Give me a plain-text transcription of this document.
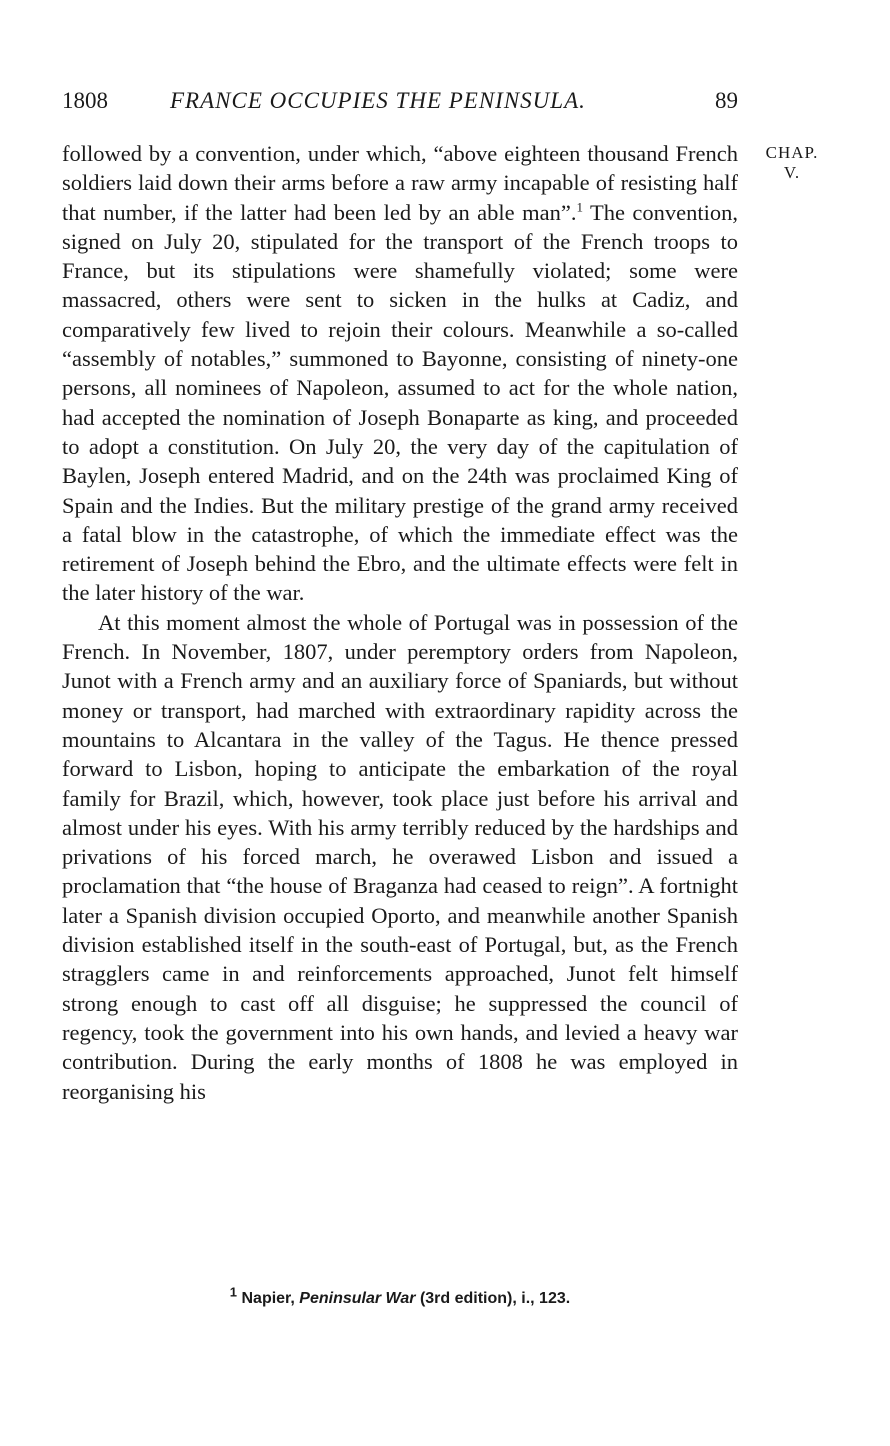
1808	FRANCE OCCUPIES THE PENINSULA.	89
CHAP.
V.

followed by a convention, under which, “above eighteen thousand French soldiers laid down their arms before a raw army incapable of resisting half that number, if the latter had been led by an able man”.$^1$ The convention, signed on July 20, stipulated for the transport of the French troops to France, but its stipulations were shamefully violated; some were massacred, others were sent to sicken in the hulks at Cadiz, and comparatively few lived to rejoin their colours. Meanwhile a so-called “assembly of notables,” summoned to Bayonne, consisting of ninety-one persons, all nominees of Napoleon, assumed to act for the whole nation, had accepted the nomination of Joseph Bonaparte as king, and proceeded to adopt a constitution. On July 20, the very day of the capitulation of Baylen, Joseph entered Madrid, and on the 24th was proclaimed King of Spain and the Indies. But the military prestige of the grand army received a fatal blow in the catastrophe, of which the immediate effect was the retirement of Joseph behind the Ebro, and the ultimate effects were felt in the later history of the war.

At this moment almost the whole of Portugal was in possession of the French. In November, 1807, under peremptory orders from Napoleon, Junot with a French army and an auxiliary force of Spaniards, but without money or transport, had marched with extraordinary rapidity across the mountains to Alcantara in the valley of the Tagus. He thence pressed forward to Lisbon, hoping to anticipate the embarkation of the royal family for Brazil, which, however, took place just before his arrival and almost under his eyes. With his army terribly reduced by the hardships and privations of his forced march, he overawed Lisbon and issued a proclamation that “the house of Braganza had ceased to reign”. A fortnight later a Spanish division occupied Oporto, and meanwhile another Spanish division established itself in the south-east of Portugal, but, as the French stragglers came in and reinforcements approached, Junot felt himself strong enough to cast off all disguise; he suppressed the council of regency, took the government into his own hands, and levied a heavy war contribution. During the early months of 1808 he was employed in reorganising his

$^1$ Napier, Peninsular War (3rd edition), i., 123.
